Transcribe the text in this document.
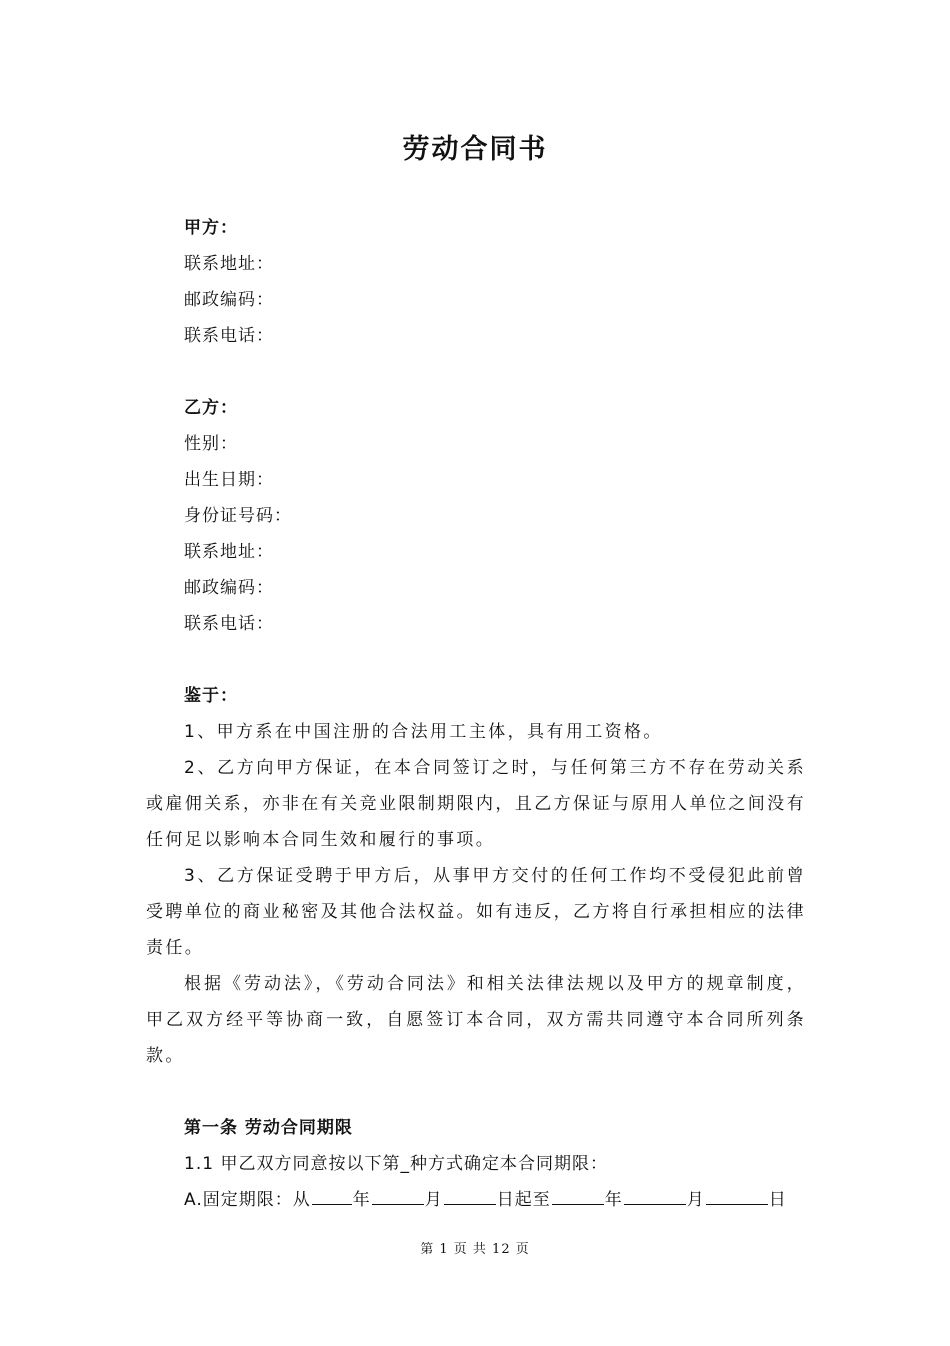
劳动合同书
甲方：
联系地址：
邮政编码：
联系电话：
乙方：
性别：
出生日期：
身份证号码：
联系地址：
邮政编码：
联系电话：
鉴于：
1、甲方系在中国注册的合法用工主体，具有用工资格。
2、乙方向甲方保证，在本合同签订之时，与任何第三方不存在劳动关系或雇佣关系，亦非在有关竞业限制期限内，且乙方保证与原用人单位之间没有任何足以影响本合同生效和履行的事项。
3、乙方保证受聘于甲方后，从事甲方交付的任何工作均不受侵犯此前曾受聘单位的商业秘密及其他合法权益。如有违反，乙方将自行承担相应的法律责任。
根据《劳动法》，《劳动合同法》和相关法律法规以及甲方的规章制度，甲乙双方经平等协商一致，自愿签订本合同，双方需共同遵守本合同所列条款。
第一条 劳动合同期限
1.1 甲乙双方同意按以下第_种方式确定本合同期限：
A.固定期限：从 年	月	日起至	年	月	日
第 1 页 共 12 页
